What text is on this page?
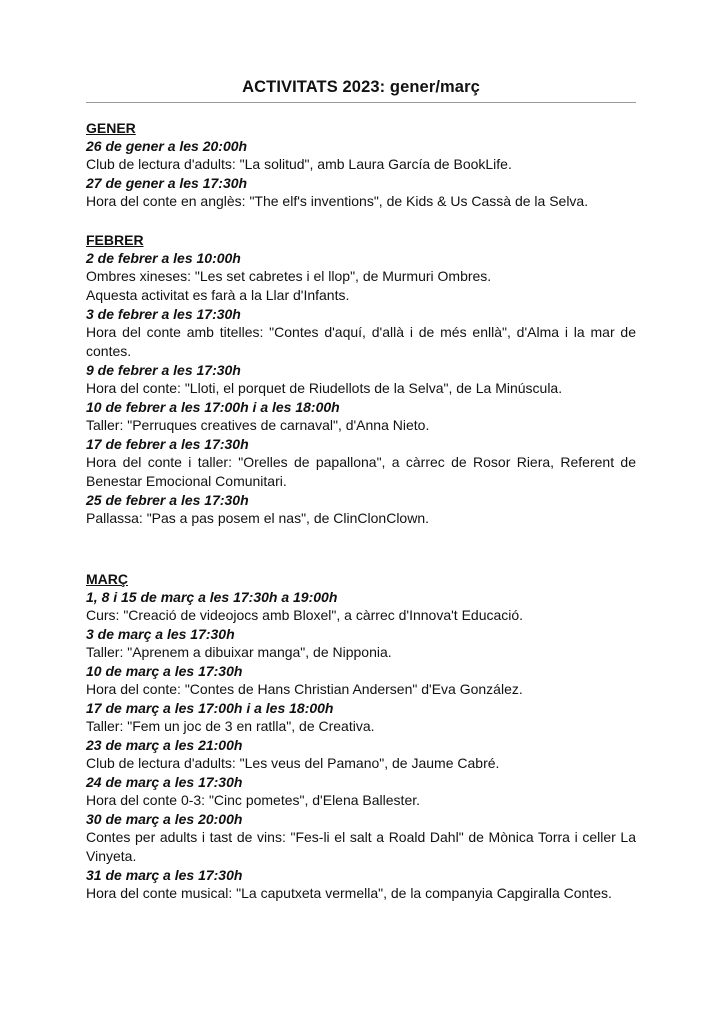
ACTIVITATS 2023: gener/març

GENER

26 de gener a les 20:00h

Club de lectura d'adults: "La solitud", amb Laura García de BookLife.

27 de gener a les 17:30h

Hora del conte en anglès: "The elf's inventions", de Kids & Us Cassà de la Selva.

FEBRER

2 de febrer a les 10:00h

Ombres xineses: "Les set cabretes i el llop", de Murmuri Ombres.

Aquesta activitat es farà a la Llar d'Infants.

3 de febrer a les 17:30h

Hora del conte amb titelles: "Contes d'aquí, d'allà i de més enllà", d'Alma i la mar de contes.

9 de febrer a les 17:30h

Hora del conte: "Lloti, el porquet de Riudellots de la Selva", de La Minúscula.

10 de febrer a les 17:00h i a les 18:00h

Taller: "Perruques creatives de carnaval", d'Anna Nieto.

17 de febrer a les 17:30h

Hora del conte i taller: "Orelles de papallona", a càrrec de Rosor Riera, Referent de Benestar Emocional Comunitari.

25 de febrer a les 17:30h

Pallassa: "Pas a pas posem el nas", de ClinClonClown.

MARÇ

1, 8 i 15 de març a les 17:30h a 19:00h

Curs: "Creació de videojocs amb Bloxel", a càrrec d'Innova't Educació.

3 de març a les 17:30h

Taller: "Aprenem a dibuixar manga", de Nipponia.

10 de març a les 17:30h

Hora del conte: "Contes de Hans Christian Andersen" d'Eva González.

17 de març a les 17:00h i a les 18:00h

Taller: "Fem un joc de 3 en ratlla", de Creativa.

23 de març a les 21:00h

Club de lectura d'adults: "Les veus del Pamano", de Jaume Cabré.

24 de març a les 17:30h

Hora del conte 0-3: "Cinc pometes", d'Elena Ballester.

30 de març a les 20:00h

Contes per adults i tast de vins: "Fes-li el salt a Roald Dahl" de Mònica Torra i celler La Vinyeta.

31 de març a les 17:30h

Hora del conte musical: "La caputxeta vermella", de la companyia Capgiralla Contes.
